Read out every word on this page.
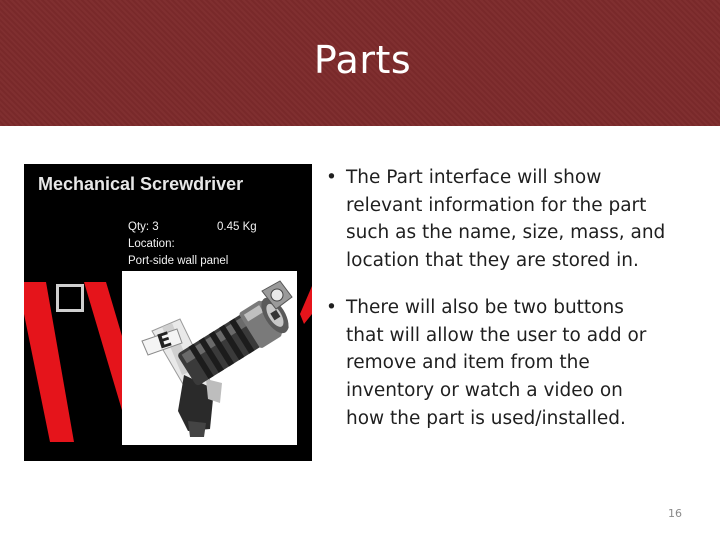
Parts
Mechanical Screwdriver
Qty: 3	0.45 Kg
Location:
Port-side wall panel
E

• The Part interface will show relevant information for the part such as the name, size, mass, and location that they are stored in.

• There will also be two buttons that will allow the user to add or remove and item from the inventory or watch a video on how the part is used/installed.

16
